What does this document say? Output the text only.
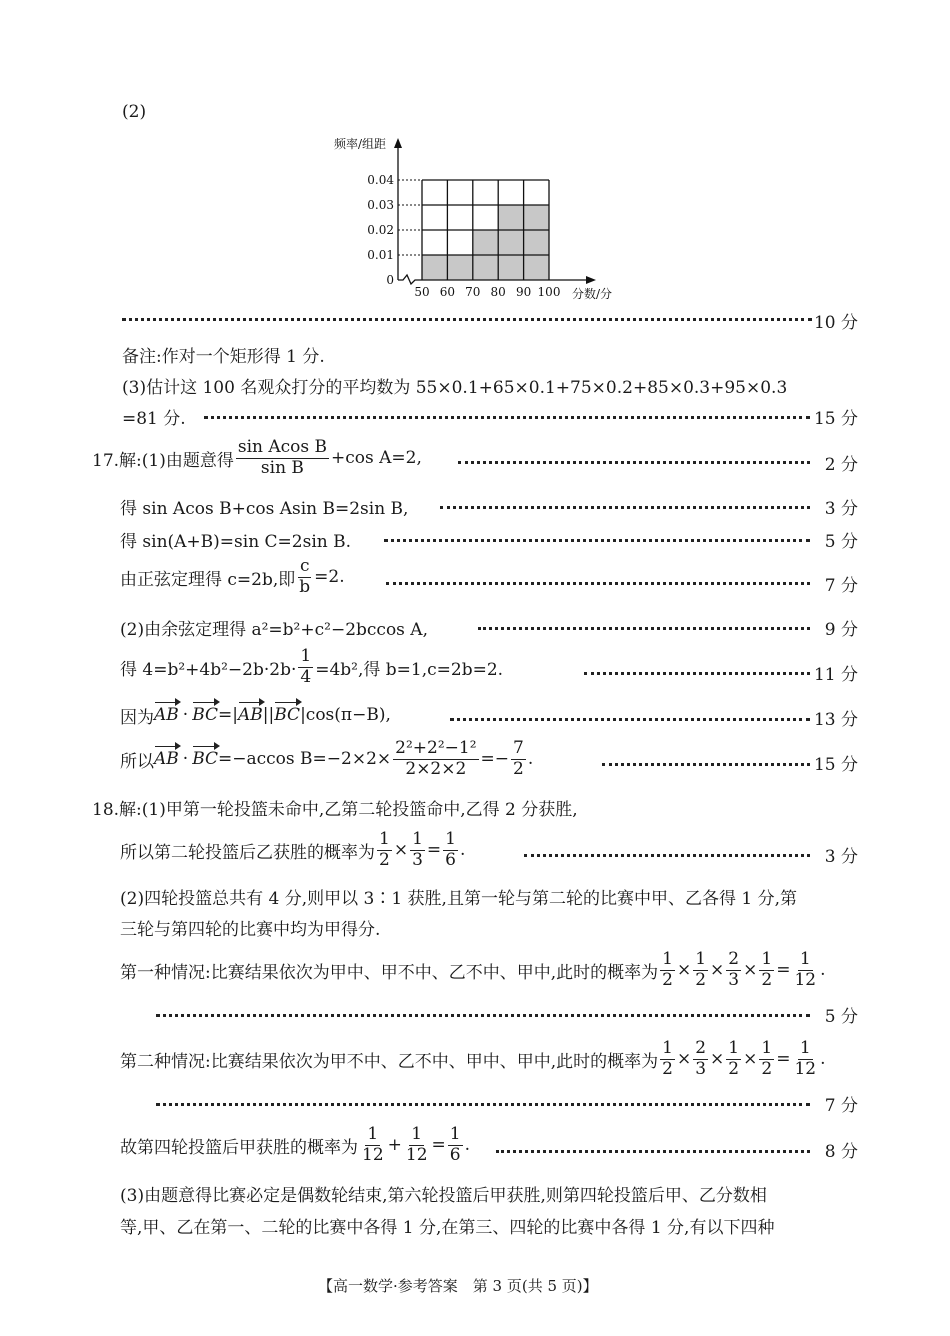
(2)
0
0.01
0.02
0.03
0.04
50 60 70 80 90 100
频率/组距
分数/分
10 分
备注:作对一个矩形得 1 分.
(3)估计这 100 名观众打分的平均数为 55×0.1+65×0.1+75×0.2+85×0.3+95×0.3
=81 分.	15 分
17.解:(1)由题意得 $\frac{\text{sin Acos B}}{\text{sin B}} +\cos$ A=2,	2 分
得 sin Acos B+cos Asin B=2sin B,	3 分
得 sin(A+B)=sin C=2sin B.	5 分
由正弦定理得 c=2b,即 $\frac{c}{b} =2$.	7 分
(2)由余弦定理得 a²=b²+c²−2bccos A,	9 分
得 $4=b^2+4b^2-2b\cdot 2b\cdot \frac{1}{4} =4b^2$,得 b=1,c=2b=2.	11 分
因为 AB · BC =| AB || BC |cos(π−B),	13 分
所以 AB · BC =−accos $B=-2\times 2\times \frac{\text{2²+2²−1²}}{2\times 2\times 2} =- \frac{7}{2}$ .	15 分
18.解:(1)甲第一轮投篮未命中,乙第二轮投篮命中,乙得 2 分获胜,
所以第二轮投篮后乙获胜的概率为 $\frac{1}{2} \times \frac{1}{3} = \frac{1}{6}$ .	3 分
(2)四轮投篮总共有 4 分,则甲以 3∶1 获胜,且第一轮与第二轮的比赛中甲、乙各得 1 分,第
三轮与第四轮的比赛中均为甲得分.
第一种情况:比赛结果依次为甲中、甲不中、乙不中、甲中,此时的概率为 $\frac{1}{2} \times \frac{1}{2} \times \frac{2}{3} \times \frac{1}{2} = \frac{1}{12}$ .
5 分
第二种情况:比赛结果依次为甲不中、乙不中、甲中、甲中,此时的概率为 $\frac{1}{2} \times \frac{2}{3} \times \frac{1}{2} \times \frac{1}{2} = \frac{1}{12}$ .
7 分
故第四轮投篮后甲获胜的概率为 $\frac{1}{12} + \frac{1}{12} = \frac{1}{6}$ .	8 分
(3)由题意得比赛必定是偶数轮结束,第六轮投篮后甲获胜,则第四轮投篮后甲、乙分数相
等,甲、乙在第一、二轮的比赛中各得 1 分,在第三、四轮的比赛中各得 1 分,有以下四种
【高一数学·参考答案　第 3 页(共 5 页)】
